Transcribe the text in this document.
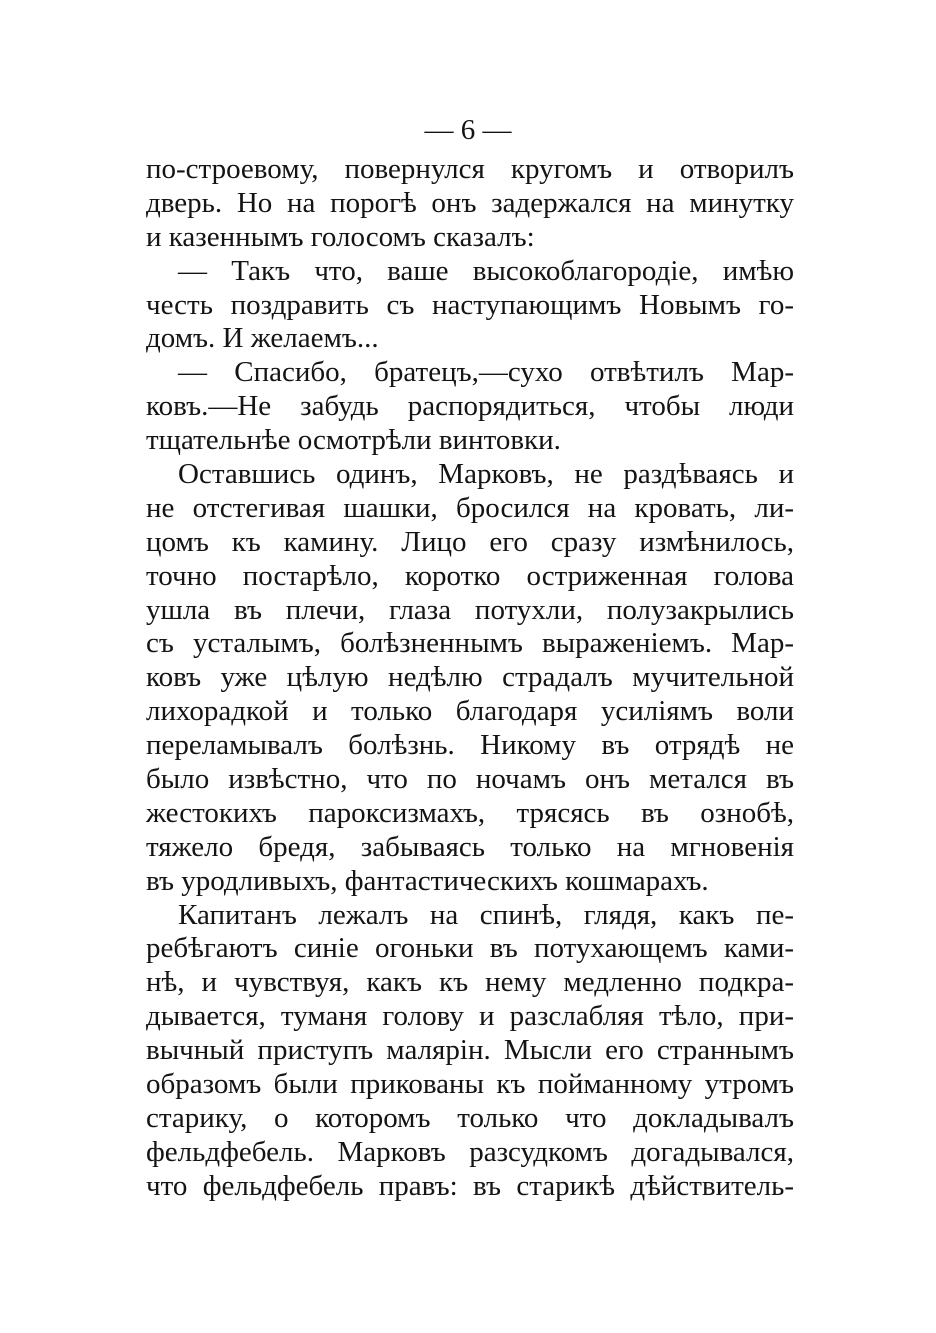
— 6 —
по-строевому, повернулся кругомъ и отворилъ
дверь. Но на порогѣ онъ задержался на минутку
и казеннымъ голосомъ сказалъ:
— Такъ что, ваше высокоблагородіе, имѣю
честь поздравить съ наступающимъ Новымъ го-
домъ. И желаемъ...
— Спасибо, братецъ,—сухо отвѣтилъ Мар-
ковъ.—Не забудь распорядиться, чтобы люди
тщательнѣе осмотрѣли винтовки.
Оставшись одинъ, Марковъ, не раздѣваясь и
не отстегивая шашки, бросился на кровать, ли-
цомъ къ камину. Лицо его сразу измѣнилось,
точно постарѣло, коротко остриженная голова
ушла въ плечи, глаза потухли, полузакрылись
съ усталымъ, болѣзненнымъ выраженіемъ. Мар-
ковъ уже цѣлую недѣлю страдалъ мучительной
лихорадкой и только благодаря усиліямъ воли
переламывалъ болѣзнь. Никому въ отрядѣ не
было извѣстно, что по ночамъ онъ метался въ
жестокихъ пароксизмахъ, трясясь въ ознобѣ,
тяжело бредя, забываясь только на мгновенія
въ уродливыхъ, фантастическихъ кошмарахъ.
Капитанъ лежалъ на спинѣ, глядя, какъ пе-
ребѣгаютъ синіе огоньки въ потухающемъ ками-
нѣ, и чувствуя, какъ къ нему медленно подкра-
дывается, туманя голову и разслабляя тѣло, при-
вычный приступъ малярін. Мысли его страннымъ
образомъ были прикованы къ пойманному утромъ
старику, о которомъ только что докладывалъ
фельдфебель. Марковъ разсудкомъ догадывался,
что фельдфебель правъ: въ старикѣ дѣйствитель-
